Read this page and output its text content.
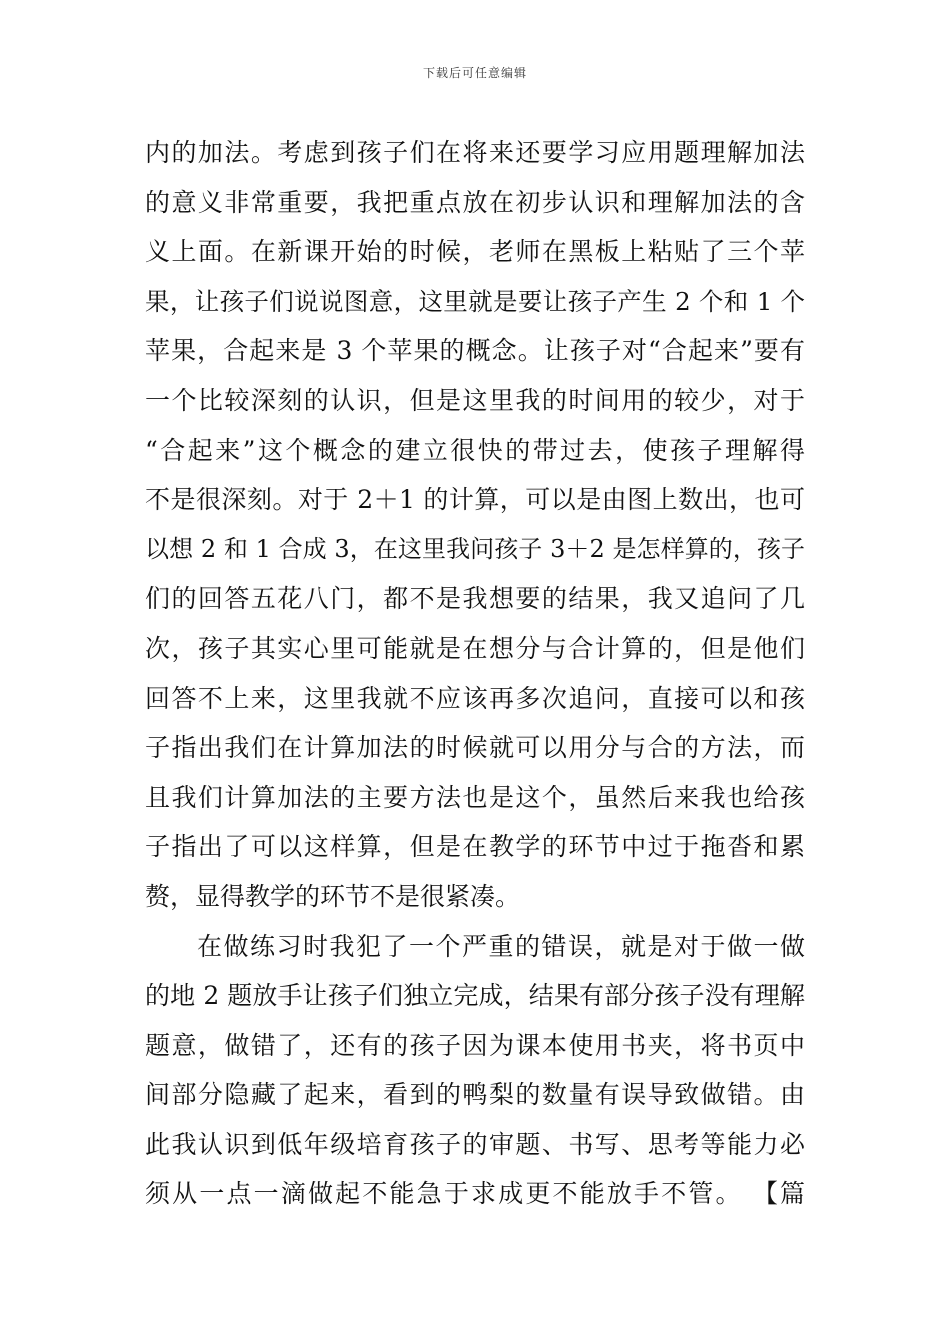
下载后可任意编辑
内的加法。考虑到孩子们在将来还要学习应用题理解加法
的意义非常重要，我把重点放在初步认识和理解加法的含
义上面。在新课开始的时候，老师在黑板上粘贴了三个苹
果，让孩子们说说图意，这里就是要让孩子产生 2 个和 1 个
苹果，合起来是 3 个苹果的概念。让孩子对“合起来”要有
一个比较深刻的认识，但是这里我的时间用的较少，对于
“合起来”这个概念的建立很快的带过去，使孩子理解得
不是很深刻。对于 2＋1 的计算，可以是由图上数出，也可
以想 2 和 1 合成 3，在这里我问孩子 3＋2 是怎样算的，孩子
们的回答五花八门，都不是我想要的结果，我又追问了几
次，孩子其实心里可能就是在想分与合计算的，但是他们
回答不上来，这里我就不应该再多次追问，直接可以和孩
子指出我们在计算加法的时候就可以用分与合的方法，而
且我们计算加法的主要方法也是这个，虽然后来我也给孩
子指出了可以这样算，但是在教学的环节中过于拖沓和累
赘，显得教学的环节不是很紧凑。
在做练习时我犯了一个严重的错误，就是对于做一做
的地 2 题放手让孩子们独立完成，结果有部分孩子没有理解
题意，做错了，还有的孩子因为课本使用书夹，将书页中
间部分隐藏了起来，看到的鸭梨的数量有误导致做错。由
此我认识到低年级培育孩子的审题、书写、思考等能力必
须从一点一滴做起不能急于求成更不能放手不管。 【篇
